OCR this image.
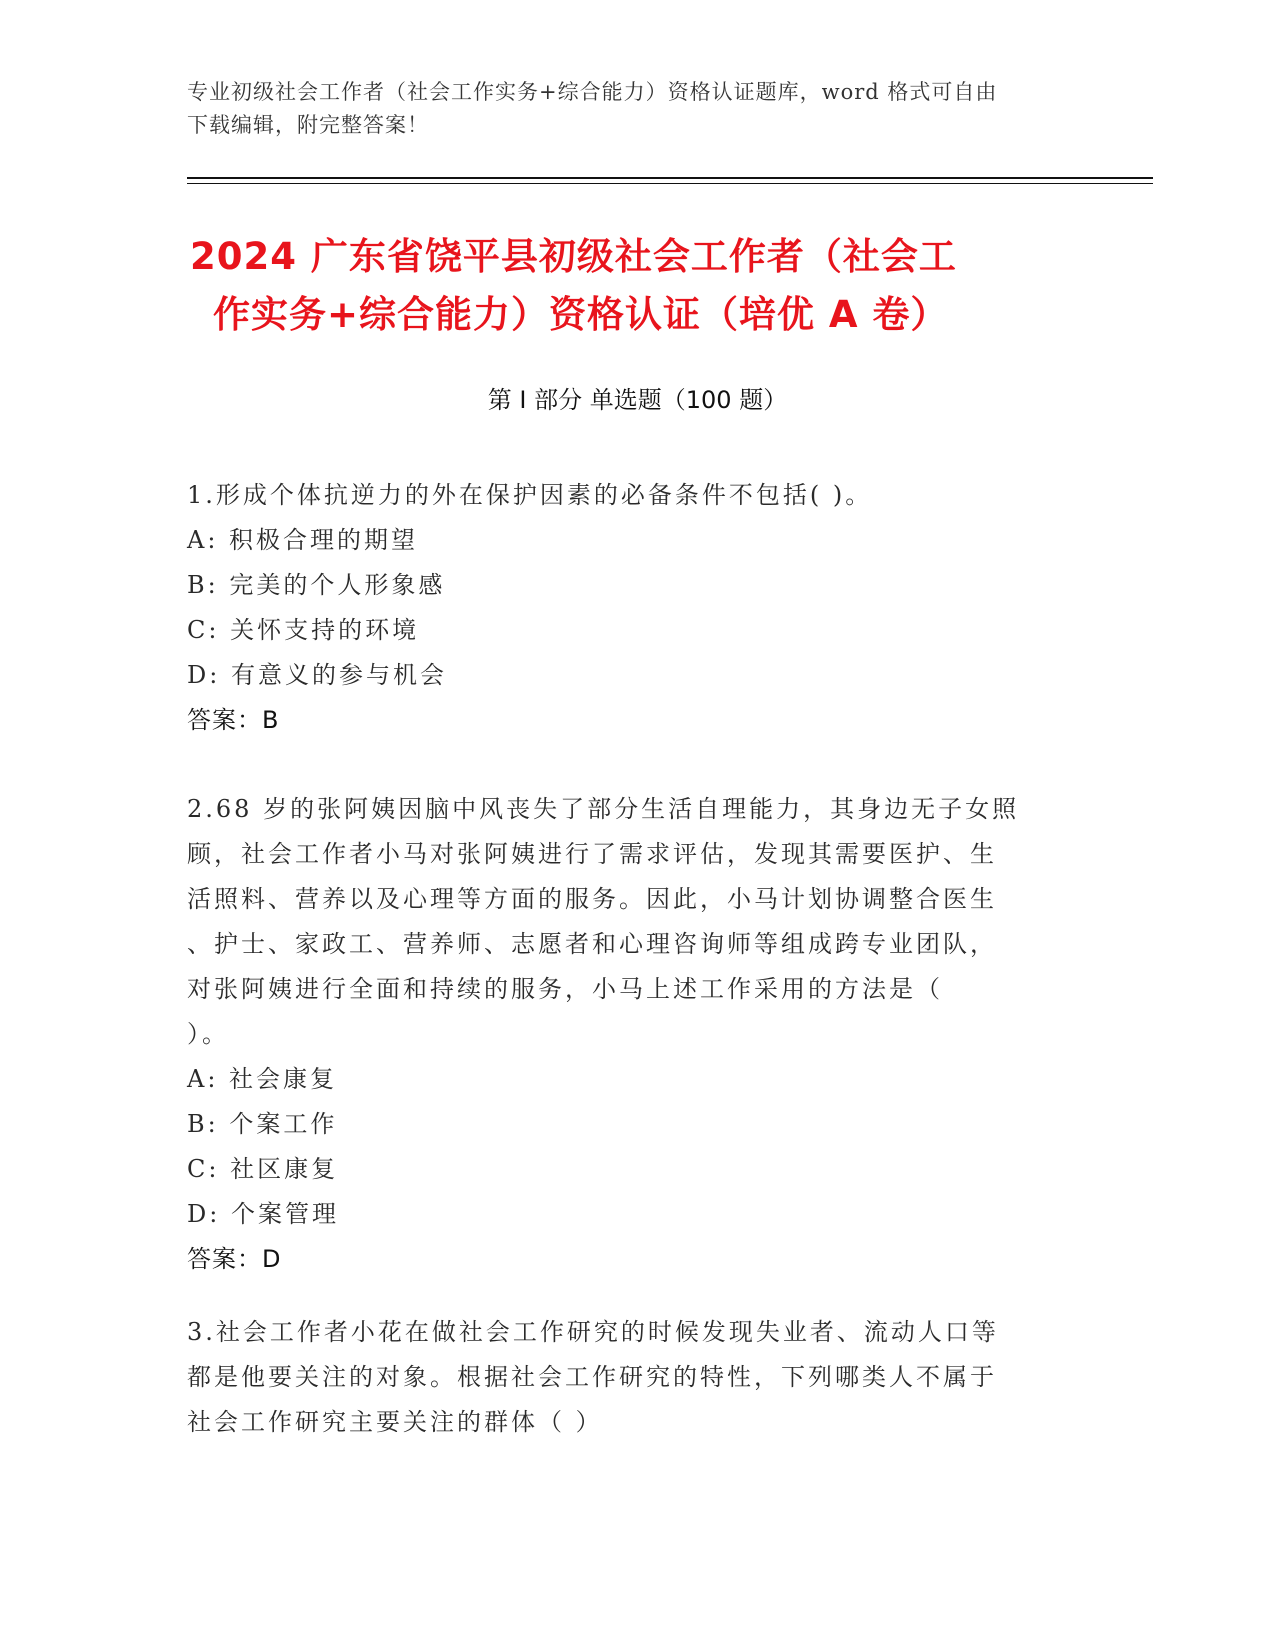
专业初级社会工作者（社会工作实务+综合能力）资格认证题库，word 格式可自由
下载编辑，附完整答案！
2024 广东省饶平县初级社会工作者（社会工
作实务+综合能力）资格认证（培优 A 卷）
第 I 部分 单选题（100 题）
1.形成个体抗逆力的外在保护因素的必备条件不包括( )。
A: 积极合理的期望
B: 完美的个人形象感
C: 关怀支持的环境
D: 有意义的参与机会
答案：B
2.68 岁的张阿姨因脑中风丧失了部分生活自理能力，其身边无子女照
顾，社会工作者小马对张阿姨进行了需求评估，发现其需要医护、生
活照料、营养以及心理等方面的服务。因此，小马计划协调整合医生
、护士、家政工、营养师、志愿者和心理咨询师等组成跨专业团队，
对张阿姨进行全面和持续的服务，小马上述工作采用的方法是（
）。
A: 社会康复
B: 个案工作
C: 社区康复
D: 个案管理
答案：D
3.社会工作者小花在做社会工作研究的时候发现失业者、流动人口等
都是他要关注的对象。根据社会工作研究的特性，下列哪类人不属于
社会工作研究主要关注的群体（ ）
